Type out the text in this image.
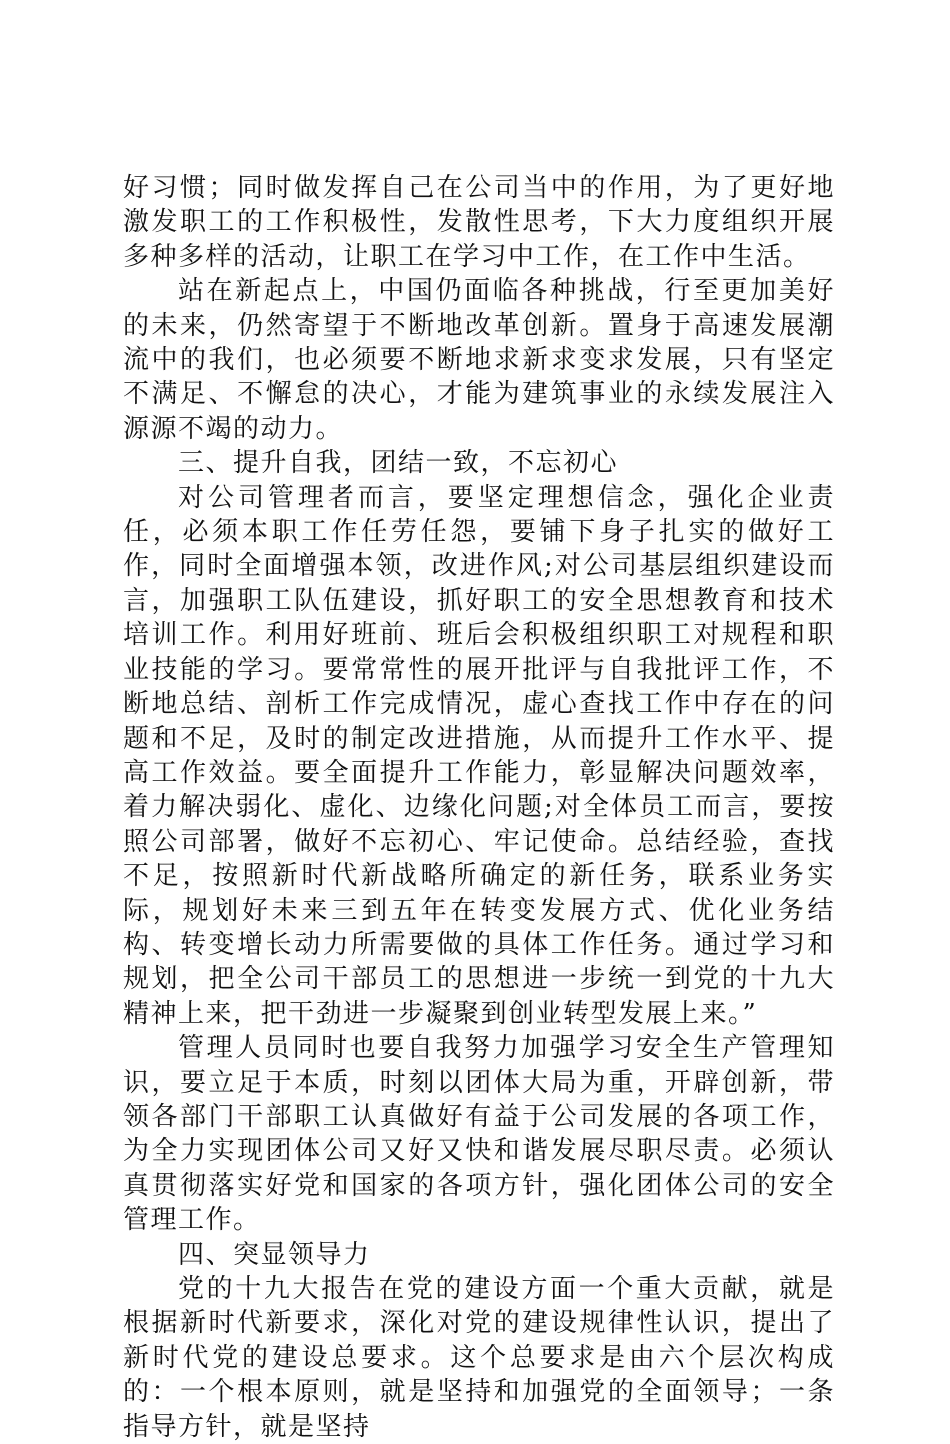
好习惯；同时做发挥自己在公司当中的作用，为了更好地激发职工的工作积极性，发散性思考，下大力度组织开展多种多样的活动，让职工在学习中工作，在工作中生活。

站在新起点上，中国仍面临各种挑战，行至更加美好的未来，仍然寄望于不断地改革创新。置身于高速发展潮流中的我们，也必须要不断地求新求变求发展，只有坚定不满足、不懈怠的决心，才能为建筑事业的永续发展注入源源不竭的动力。

三、提升自我，团结一致，不忘初心

对公司管理者而言，要坚定理想信念，强化企业责任，必须本职工作任劳任怨，要铺下身子扎实的做好工作，同时全面增强本领，改进作风;对公司基层组织建设而言，加强职工队伍建设，抓好职工的安全思想教育和技术培训工作。利用好班前、班后会积极组织职工对规程和职业技能的学习。要常常性的展开批评与自我批评工作，不断地总结、剖析工作完成情况，虚心查找工作中存在的问题和不足，及时的制定改进措施，从而提升工作水平、提高工作效益。要全面提升工作能力，彰显解决问题效率，着力解决弱化、虚化、边缘化问题;对全体员工而言，要按照公司部署，做好不忘初心、牢记使命。总结经验，查找不足，按照新时代新战略所确定的新任务，联系业务实际，规划好未来三到五年在转变发展方式、优化业务结构、转变增长动力所需要做的具体工作任务。通过学习和规划，把全公司干部员工的思想进一步统一到党的十九大精神上来，把干劲进一步凝聚到创业转型发展上来。”

管理人员同时也要自我努力加强学习安全生产管理知识，要立足于本质，时刻以团体大局为重，开辟创新，带领各部门干部职工认真做好有益于公司发展的各项工作，为全力实现团体公司又好又快和谐发展尽职尽责。必须认真贯彻落实好党和国家的各项方针，强化团体公司的安全管理工作。

四、突显领导力

党的十九大报告在党的建设方面一个重大贡献，就是根据新时代新要求，深化对党的建设规律性认识，提出了新时代党的建设总要求。这个总要求是由六个层次构成的：一个根本原则，就是坚持和加强党的全面领导；一条指导方针，就是坚持
